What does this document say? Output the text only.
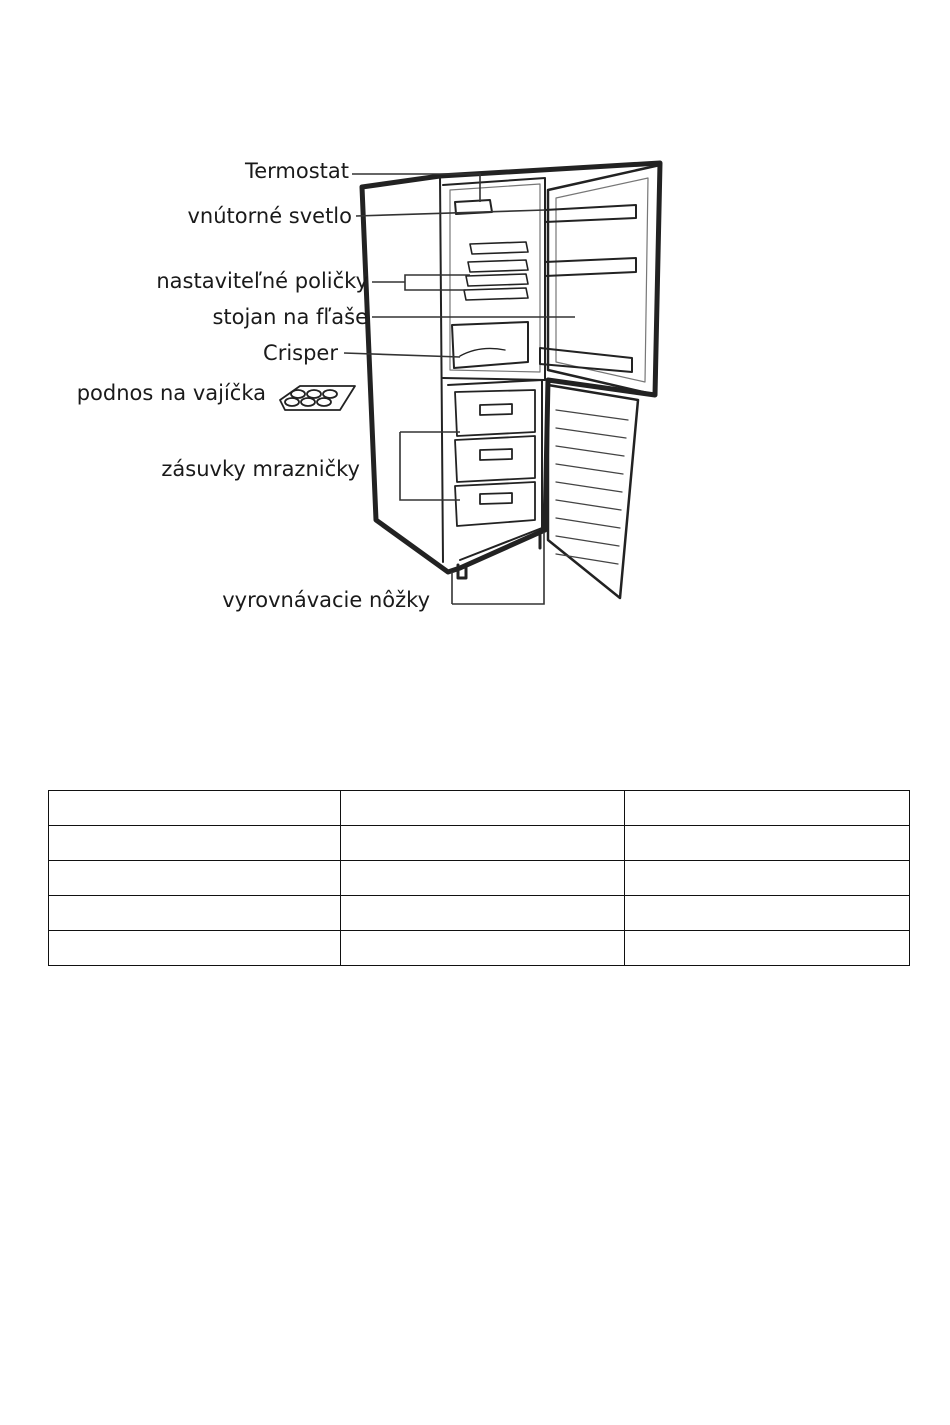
Termostat
vnútorné svetlo
nastaviteľné poličky
stojan na fľaše
Crisper
podnos na vajíčka
zásuvky mrazničky
vyrovnávacie nôžky
